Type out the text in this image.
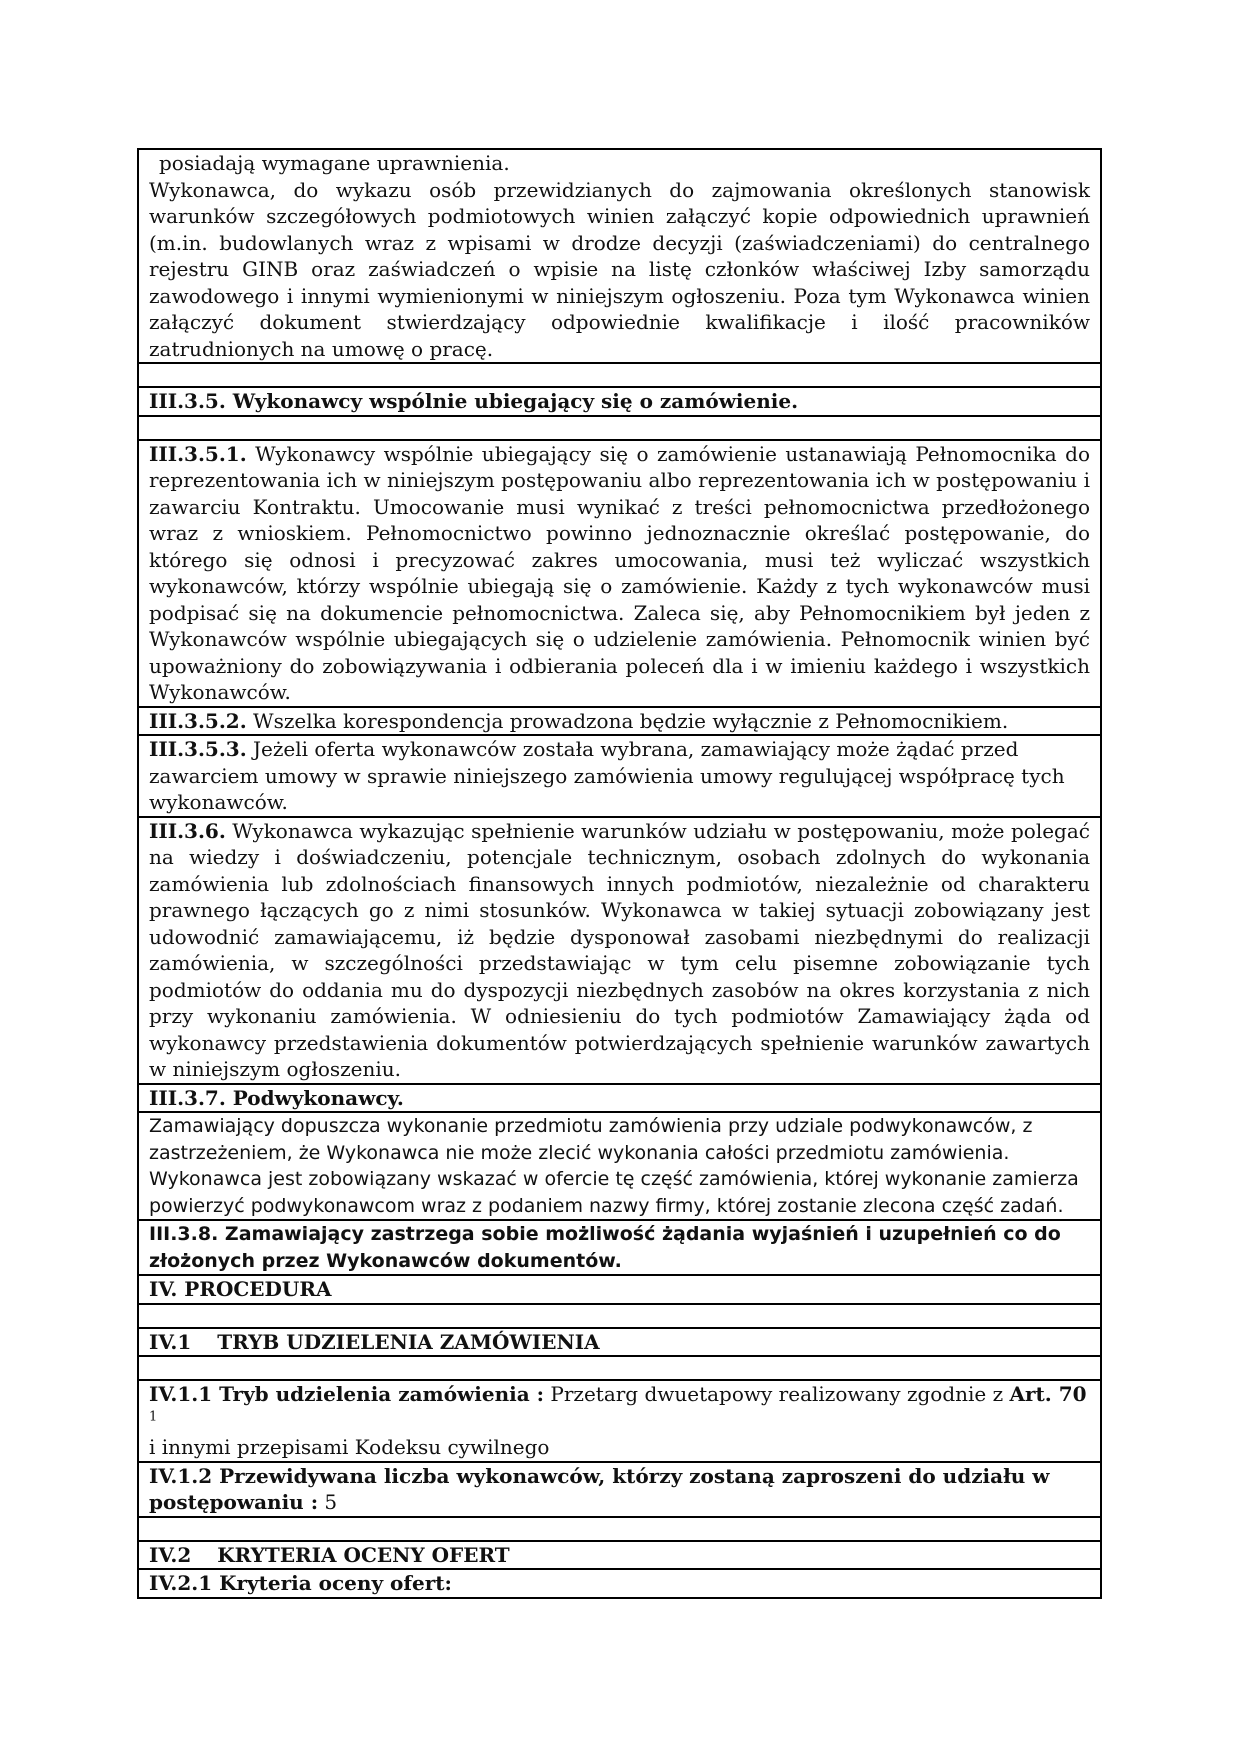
posiadają wymagane uprawnienia.

Wykonawca, do wykazu osób przewidzianych do zajmowania określonych stanowisk warunków szczegółowych podmiotowych winien załączyć kopie odpowiednich uprawnień (m.in. budowlanych wraz z wpisami w drodze decyzji (zaświadczeniami) do centralnego rejestru GINB oraz zaświadczeń o wpisie na listę członków właściwej Izby samorządu zawodowego i innymi wymienionymi w niniejszym ogłoszeniu. Poza tym Wykonawca winien załączyć dokument stwierdzający odpowiednie kwalifikacje i ilość pracowników zatrudnionych na umowę o pracę.

III.3.5. Wykonawcy wspólnie ubiegający się o zamówienie.

III.3.5.1. Wykonawcy wspólnie ubiegający się o zamówienie ustanawiają Pełnomocnika do reprezentowania ich w niniejszym postępowaniu albo reprezentowania ich w postępowaniu i zawarciu Kontraktu. Umocowanie musi wynikać z treści pełnomocnictwa przedłożonego wraz z wnioskiem. Pełnomocnictwo powinno jednoznacznie określać postępowanie, do którego się odnosi i precyzować zakres umocowania, musi też wyliczać wszystkich wykonawców, którzy wspólnie ubiegają się o zamówienie. Każdy z tych wykonawców musi podpisać się na dokumencie pełnomocnictwa. Zaleca się, aby Pełnomocnikiem był jeden z Wykonawców wspólnie ubiegających się o udzielenie zamówienia. Pełnomocnik winien być upoważniony do zobowiązywania i odbierania poleceń dla i w imieniu każdego i wszystkich Wykonawców.
III.3.5.2. Wszelka korespondencja prowadzona będzie wyłącznie z Pełnomocnikiem.
III.3.5.3. Jeżeli oferta wykonawców została wybrana, zamawiający może żądać przed zawarciem umowy w sprawie niniejszego zamówienia umowy regulującej współpracę tych wykonawców.
III.3.6. Wykonawca wykazując spełnienie warunków udziału w postępowaniu, może polegać na wiedzy i doświadczeniu, potencjale technicznym, osobach zdolnych do wykonania zamówienia lub zdolnościach finansowych innych podmiotów, niezależnie od charakteru prawnego łączących go z nimi stosunków. Wykonawca w takiej sytuacji zobowiązany jest udowodnić zamawiającemu, iż będzie dysponował zasobami niezbędnymi do realizacji zamówienia, w szczególności przedstawiając w tym celu pisemne zobowiązanie tych podmiotów do oddania mu do dyspozycji niezbędnych zasobów na okres korzystania z nich przy wykonaniu zamówienia. W odniesieniu do tych podmiotów Zamawiający żąda od wykonawcy przedstawienia dokumentów potwierdzających spełnienie warunków zawartych w niniejszym ogłoszeniu.
III.3.7. Podwykonawcy.
Zamawiający dopuszcza wykonanie przedmiotu zamówienia przy udziale podwykonawców, z zastrzeżeniem, że Wykonawca nie może zlecić wykonania całości przedmiotu zamówienia. Wykonawca jest zobowiązany wskazać w ofercie tę część zamówienia, której wykonanie zamierza powierzyć podwykonawcom wraz z podaniem nazwy firmy, której zostanie zlecona część zadań.
III.3.8. Zamawiający zastrzega sobie możliwość żądania wyjaśnień i uzupełnień co do złożonych przez Wykonawców dokumentów.
IV. PROCEDURA

IV.1 TRYB UDZIELENIA ZAMÓWIENIA

IV.1.1 Tryb udzielenia zamówienia : Przetarg dwuetapowy realizowany zgodnie z Art. 70 $^1$
i innymi przepisami Kodeksu cywilnego
IV.1.2 Przewidywana liczba wykonawców, którzy zostaną zaproszeni do udziału w postępowaniu : 5

IV.2 KRYTERIA OCENY OFERT
IV.2.1 Kryteria oceny ofert:
